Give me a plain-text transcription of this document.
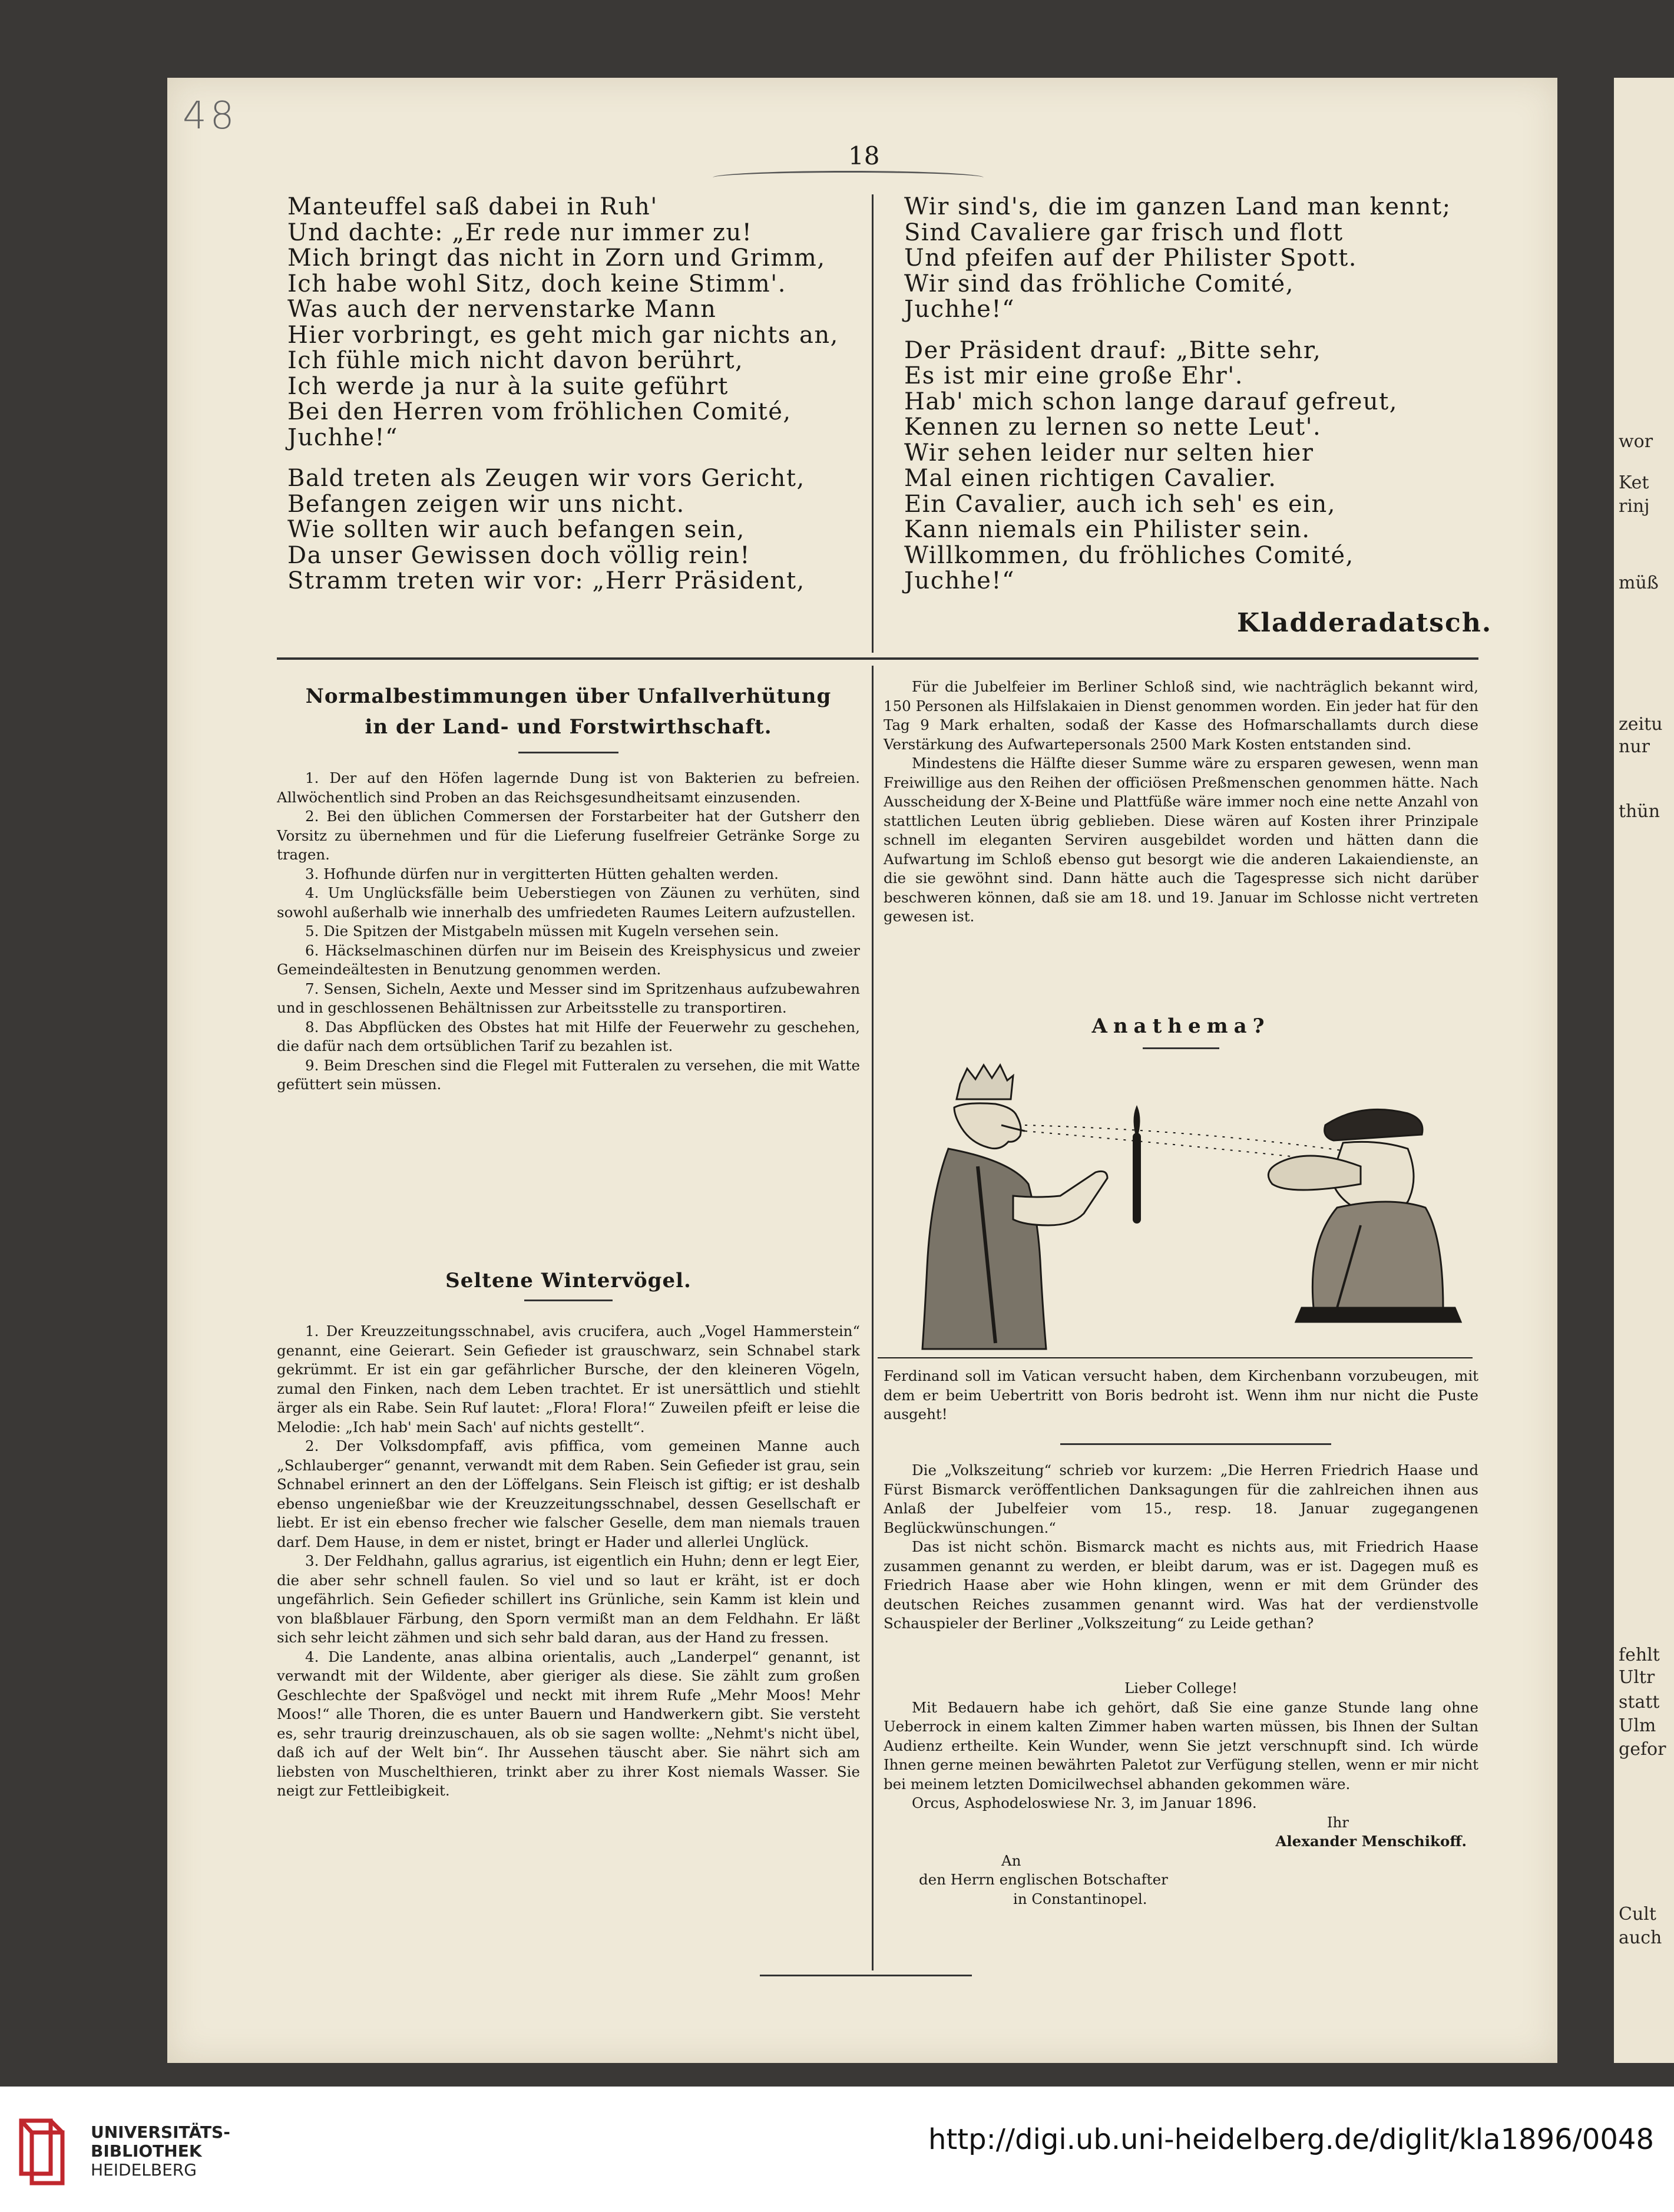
wor
Ket
rinj
müß
zeitu
nur
thün
fehlt
Ultr
statt
Ulm
gefor
Cult
auch
48
18
Manteuffel saß dabei in Ruh'
Und dachte: „Er rede nur immer zu!
Mich bringt das nicht in Zorn und Grimm,
Ich habe wohl Sitz, doch keine Stimm'.
Was auch der nervenstarke Mann
Hier vorbringt, es geht mich gar nichts an,
Ich fühle mich nicht davon berührt,
Ich werde ja nur à la suite geführt
Bei den Herren vom fröhlichen Comité,
Juchhe!“
Bald treten als Zeugen wir vors Gericht,
Befangen zeigen wir uns nicht.
Wie sollten wir auch befangen sein,
Da unser Gewissen doch völlig rein!
Stramm treten wir vor: „Herr Präsident,
Wir sind's, die im ganzen Land man kennt;
Sind Cavaliere gar frisch und flott
Und pfeifen auf der Philister Spott.
Wir sind das fröhliche Comité,
Juchhe!“
Der Präsident drauf: „Bitte sehr,
Es ist mir eine große Ehr'.
Hab' mich schon lange darauf gefreut,
Kennen zu lernen so nette Leut'.
Wir sehen leider nur selten hier
Mal einen richtigen Cavalier.
Ein Cavalier, auch ich seh' es ein,
Kann niemals ein Philister sein.
Willkommen, du fröhliches Comité,
Juchhe!“
Kladderadatsch.
Normalbestimmungen über Unfallverhütung
in der Land- und Forstwirthschaft.

1. Der auf den Höfen lagernde Dung ist von Bakterien zu befreien. Allwöchentlich sind Proben an das Reichsgesundheitsamt einzusenden.

2. Bei den üblichen Commersen der Forstarbeiter hat der Gutsherr den Vorsitz zu übernehmen und für die Lieferung fuselfreier Getränke Sorge zu tragen.

3. Hofhunde dürfen nur in vergitterten Hütten gehalten werden.

4. Um Unglücksfälle beim Ueberstiegen von Zäunen zu verhüten, sind sowohl außerhalb wie innerhalb des umfriedeten Raumes Leitern aufzustellen.

5. Die Spitzen der Mistgabeln müssen mit Kugeln versehen sein.

6. Häckselmaschinen dürfen nur im Beisein des Kreisphysicus und zweier Gemeindeältesten in Benutzung genommen werden.

7. Sensen, Sicheln, Aexte und Messer sind im Spritzenhaus aufzubewahren und in geschlossenen Behältnissen zur Arbeitsstelle zu transportiren.

8. Das Abpflücken des Obstes hat mit Hilfe der Feuerwehr zu geschehen, die dafür nach dem ortsüblichen Tarif zu bezahlen ist.

9. Beim Dreschen sind die Flegel mit Futteralen zu versehen, die mit Watte gefüttert sein müssen.

Seltene Wintervögel.

1. Der Kreuzzeitungsschnabel, avis crucifera, auch „Vogel Hammerstein“ genannt, eine Geierart. Sein Gefieder ist grauschwarz, sein Schnabel stark gekrümmt. Er ist ein gar gefährlicher Bursche, der den kleineren Vögeln, zumal den Finken, nach dem Leben trachtet. Er ist unersättlich und stiehlt ärger als ein Rabe. Sein Ruf lautet: „Flora! Flora!“ Zuweilen pfeift er leise die Melodie: „Ich hab' mein Sach' auf nichts gestellt“.

2. Der Volksdompfaff, avis pfiffica, vom gemeinen Manne auch „Schlauberger“ genannt, verwandt mit dem Raben. Sein Gefieder ist grau, sein Schnabel erinnert an den der Löffelgans. Sein Fleisch ist giftig; er ist deshalb ebenso ungenießbar wie der Kreuzzeitungsschnabel, dessen Gesellschaft er liebt. Er ist ein ebenso frecher wie falscher Geselle, dem man niemals trauen darf. Dem Hause, in dem er nistet, bringt er Hader und allerlei Unglück.

3. Der Feldhahn, gallus agrarius, ist eigentlich ein Huhn; denn er legt Eier, die aber sehr schnell faulen. So viel und so laut er kräht, ist er doch ungefährlich. Sein Gefieder schillert ins Grünliche, sein Kamm ist klein und von blaßblauer Färbung, den Sporn vermißt man an dem Feldhahn. Er läßt sich sehr leicht zähmen und sich sehr bald daran, aus der Hand zu fressen.

4. Die Landente, anas albina orientalis, auch „Landerpel“ genannt, ist verwandt mit der Wildente, aber gieriger als diese. Sie zählt zum großen Geschlechte der Spaßvögel und neckt mit ihrem Rufe „Mehr Moos! Mehr Moos!“ alle Thoren, die es unter Bauern und Handwerkern gibt. Sie versteht es, sehr traurig dreinzuschauen, als ob sie sagen wollte: „Nehmt's nicht übel, daß ich auf der Welt bin“. Ihr Aussehen täuscht aber. Sie nährt sich am liebsten von Muschelthieren, trinkt aber zu ihrer Kost niemals Wasser. Sie neigt zur Fettleibigkeit.

Für die Jubelfeier im Berliner Schloß sind, wie nachträglich bekannt wird, 150 Personen als Hilfslakaien in Dienst genommen worden. Ein jeder hat für den Tag 9 Mark erhalten, sodaß der Kasse des Hofmarschallamts durch diese Verstärkung des Aufwartepersonals 2500 Mark Kosten entstanden sind.

Mindestens die Hälfte dieser Summe wäre zu ersparen gewesen, wenn man Freiwillige aus den Reihen der officiösen Preßmenschen genommen hätte. Nach Ausscheidung der X-Beine und Plattfüße wäre immer noch eine nette Anzahl von stattlichen Leuten übrig geblieben. Diese wären auf Kosten ihrer Prinzipale schnell im eleganten Serviren ausgebildet worden und hätten dann die Aufwartung im Schloß ebenso gut besorgt wie die anderen Lakaiendienste, an die sie gewöhnt sind. Dann hätte auch die Tagespresse sich nicht darüber beschweren können, daß sie am 18. und 19. Januar im Schlosse nicht vertreten gewesen ist.

Anathema?

Ferdinand soll im Vatican versucht haben, dem Kirchenbann vorzubeugen, mit dem er beim Uebertritt von Boris bedroht ist. Wenn ihm nur nicht die Puste ausgeht!

Die „Volkszeitung“ schrieb vor kurzem: „Die Herren Friedrich Haase und Fürst Bismarck veröffentlichen Danksagungen für die zahlreichen ihnen aus Anlaß der Jubelfeier vom 15., resp. 18. Januar zugegangenen Beglückwünschungen.“

Das ist nicht schön. Bismarck macht es nichts aus, mit Friedrich Haase zusammen genannt zu werden, er bleibt darum, was er ist. Dagegen muß es Friedrich Haase aber wie Hohn klingen, wenn er mit dem Gründer des deutschen Reiches zusammen genannt wird. Was hat der verdienstvolle Schauspieler der Berliner „Volkszeitung“ zu Leide gethan?

Lieber College!

Mit Bedauern habe ich gehört, daß Sie eine ganze Stunde lang ohne Ueberrock in einem kalten Zimmer haben warten müssen, bis Ihnen der Sultan Audienz ertheilte. Kein Wunder, wenn Sie jetzt verschnupft sind. Ich würde Ihnen gerne meinen bewährten Paletot zur Verfügung stellen, wenn er mir nicht bei meinem letzten Domicilwechsel abhanden gekommen wäre.

Orcus, Asphodeloswiese Nr. 3, im Januar 1896.

Ihr

Alexander Menschikoff.

An

den Herrn englischen Botschafter

in Constantinopel.

UNIVERSITÄTS-
BIBLIOTHEK
HEIDELBERG
http://digi.ub.uni-heidelberg.de/diglit/kla1896/0048
